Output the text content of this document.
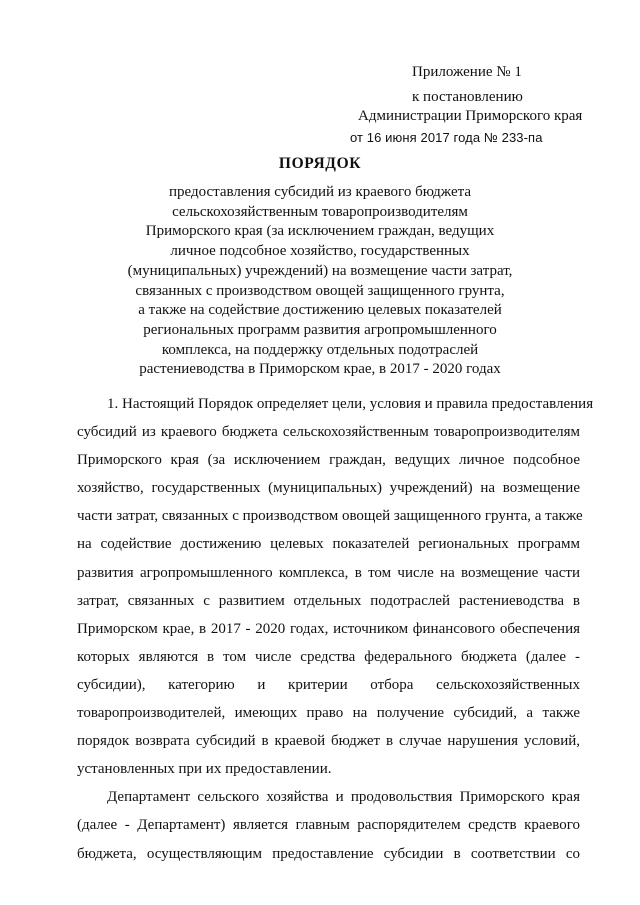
Приложение № 1
к постановлению
Администрации Приморского края
от 16 июня 2017 года № 233-па
ПОРЯДОК
предоставления субсидий из краевого бюджета
сельскохозяйственным товаропроизводителям
Приморского края (за исключением граждан, ведущих
личное подсобное хозяйство, государственных
(муниципальных) учреждений) на возмещение части затрат,
связанных с производством овощей защищенного грунта,
а также на содействие достижению целевых показателей
региональных программ развития агропромышленного
комплекса, на поддержку отдельных подотраслей
растениеводства в Приморском крае, в 2017 - 2020 годах
1. Настоящий Порядок определяет цели, условия и правила предоставления
субсидий из краевого бюджета сельскохозяйственным товаропроизводителям
Приморского края (за исключением граждан, ведущих личное подсобное
хозяйство, государственных (муниципальных) учреждений) на возмещение
части затрат, связанных с производством овощей защищенного грунта, а также
на содействие достижению целевых показателей региональных программ
развития агропромышленного комплекса, в том числе на возмещение части
затрат, связанных с развитием отдельных подотраслей растениеводства в
Приморском крае, в 2017 - 2020 годах, источником финансового обеспечения
которых являются в том числе средства федерального бюджета (далее -
субсидии), категорию и критерии отбора сельскохозяйственных
товаропроизводителей, имеющих право на получение субсидий, а также
порядок возврата субсидий в краевой бюджет в случае нарушения условий,
установленных при их предоставлении.
Департамент сельского хозяйства и продовольствия Приморского края
(далее - Департамент) является главным распорядителем средств краевого
бюджета, осуществляющим предоставление субсидии в соответствии со
